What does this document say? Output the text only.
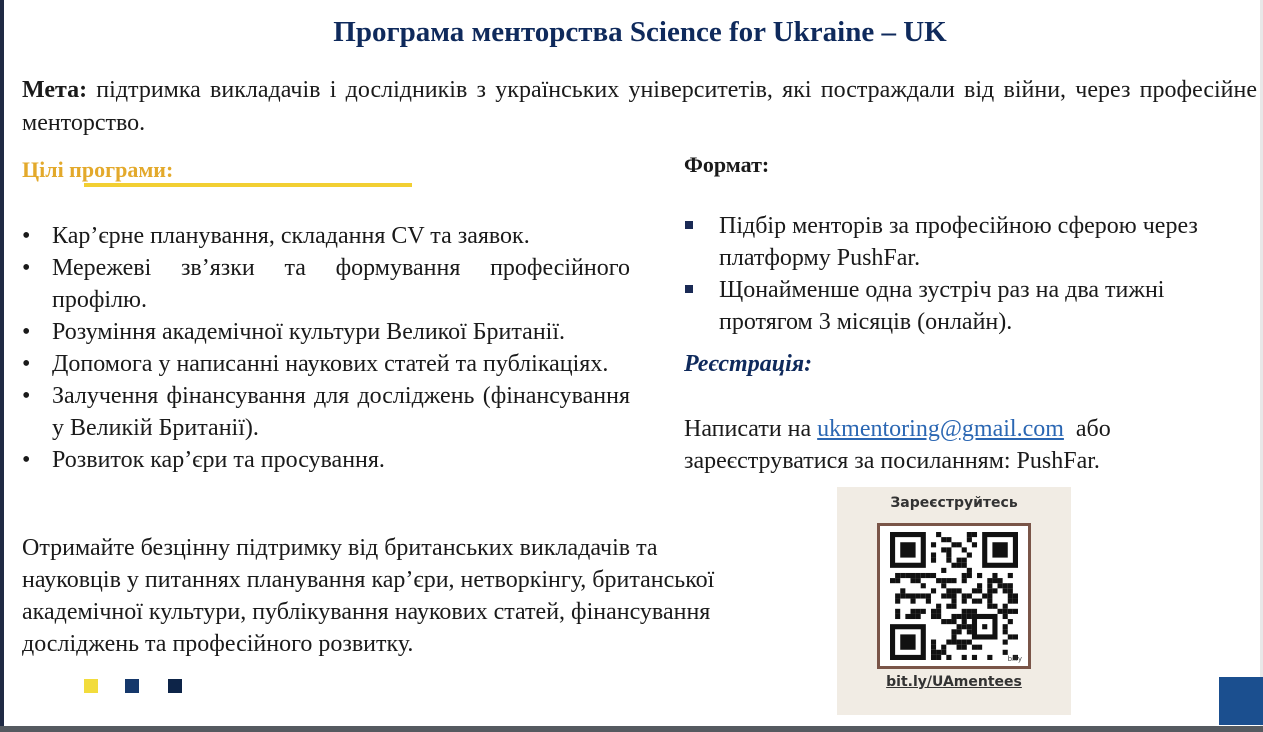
Програма менторства Science for Ukraine – UK
Мета: підтримка викладачів і дослідників з українських університетів, які постраждали від війни, через професійне менторство.
Цілі програми:
• Кар’єрне планування, складання CV та заявок.
• Мережеві зв’язки та формування професійного профілю.
• Розуміння академічної культури Великої Британії.
• Допомога у написанні наукових статей та публікаціях.
• Залучення фінансування для досліджень (фінансування у Великій Британії).
• Розвиток кар’єри та просування.
Отримайте безцінну підтримку від британських викладачів та науковців у питаннях планування кар’єри, нетворкінгу, британської академічної культури, публікування наукових статей, фінансування досліджень та професійного розвитку.
Формат:
Підбір менторів за професійною сферою через платформу PushFar.
Щонайменше одна зустріч раз на два тижні протягом 3 місяців (онлайн).
Реєстрація:
Написати на ukmentoring@gmail.com  або зареєструватися за посиланням: PushFar.
Зареєструйтесь
billy
bit.ly/UAmentees
